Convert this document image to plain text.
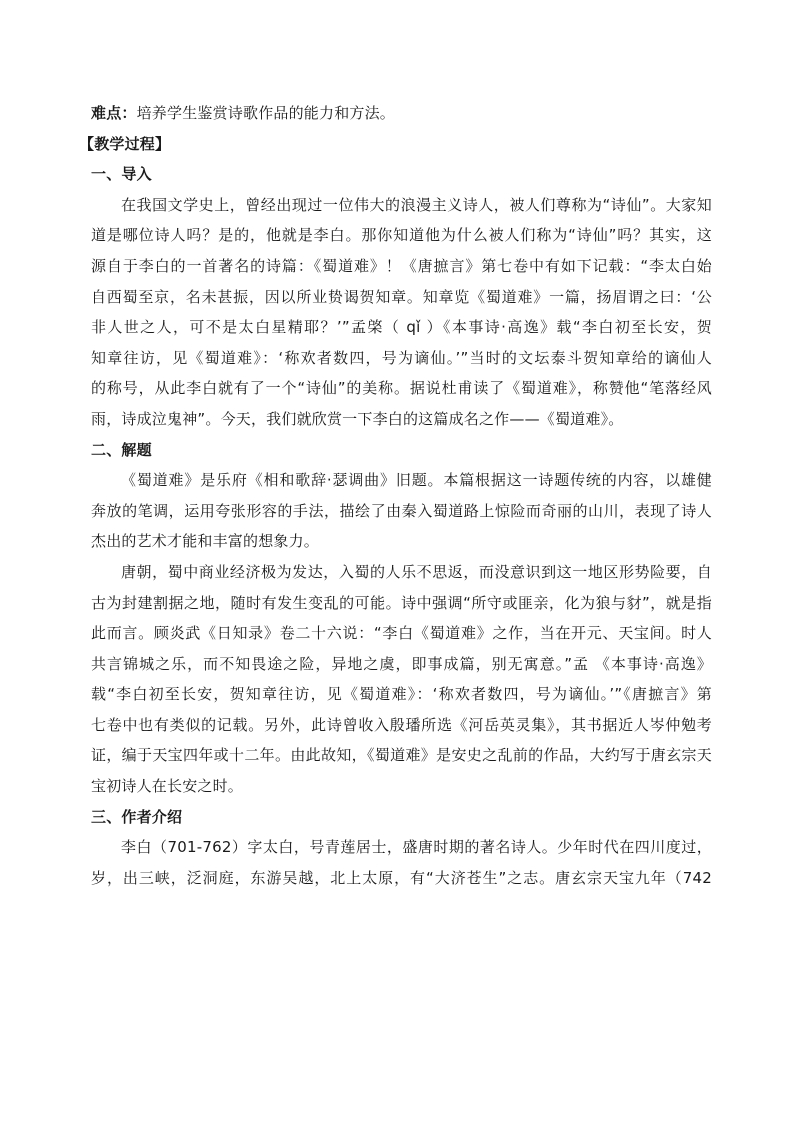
难点：培养学生鉴赏诗歌作品的能力和方法。
【教学过程】
一、导入
在我国文学史上，曾经出现过一位伟大的浪漫主义诗人，被人们尊称为“诗仙”。大家知
道是哪位诗人吗？是的，他就是李白。那你知道他为什么被人们称为“诗仙”吗？其实，这
源自于李白的一首著名的诗篇：《蜀道难》！《唐摭言》第七卷中有如下记载：“李太白始
自西蜀至京，名未甚振，因以所业贽谒贺知章。知章览《蜀道难》一篇，扬眉谓之曰：‘公
非人世之人，可不是太白星精耶？’”孟棨（ qǐ ）《本事诗·高逸》载“李白初至长安，贺
知章往访，见《蜀道难》：‘称欢者数四，号为谪仙。’”当时的文坛泰斗贺知章给的谪仙人
的称号，从此李白就有了一个“诗仙”的美称。据说杜甫读了《蜀道难》，称赞他“笔落经风
雨，诗成泣鬼神”。今天，我们就欣赏一下李白的这篇成名之作——《蜀道难》。
二、解题
《蜀道难》是乐府《相和歌辞·瑟调曲》旧题。本篇根据这一诗题传统的内容，以雄健
奔放的笔调，运用夸张形容的手法，描绘了由秦入蜀道路上惊险而奇丽的山川，表现了诗人
杰出的艺术才能和丰富的想象力。
唐朝，蜀中商业经济极为发达，入蜀的人乐不思返，而没意识到这一地区形势险要，自
古为封建割据之地，随时有发生变乱的可能。诗中强调“所守或匪亲，化为狼与豺”，就是指
此而言。顾炎武《日知录》卷二十六说：“李白《蜀道难》之作，当在开元、天宝间。时人
共言锦城之乐，而不知畏途之险，异地之虞，即事成篇，别无寓意。”孟 《本事诗·高逸》
载“李白初至长安，贺知章往访，见《蜀道难》：‘称欢者数四，号为谪仙。’”《唐摭言》第
七卷中也有类似的记载。另外，此诗曾收入殷璠所选《河岳英灵集》，其书据近人岑仲勉考
证，编于天宝四年或十二年。由此故知，《蜀道难》是安史之乱前的作品，大约写于唐玄宗天
宝初诗人在长安之时。
三、作者介绍
李白（701-762）字太白，号青莲居士，盛唐时期的著名诗人。少年时代在四川度过，
岁，出三峡，泛洞庭，东游吴越，北上太原，有“大济苍生”之志。唐玄宗天宝九年（742
